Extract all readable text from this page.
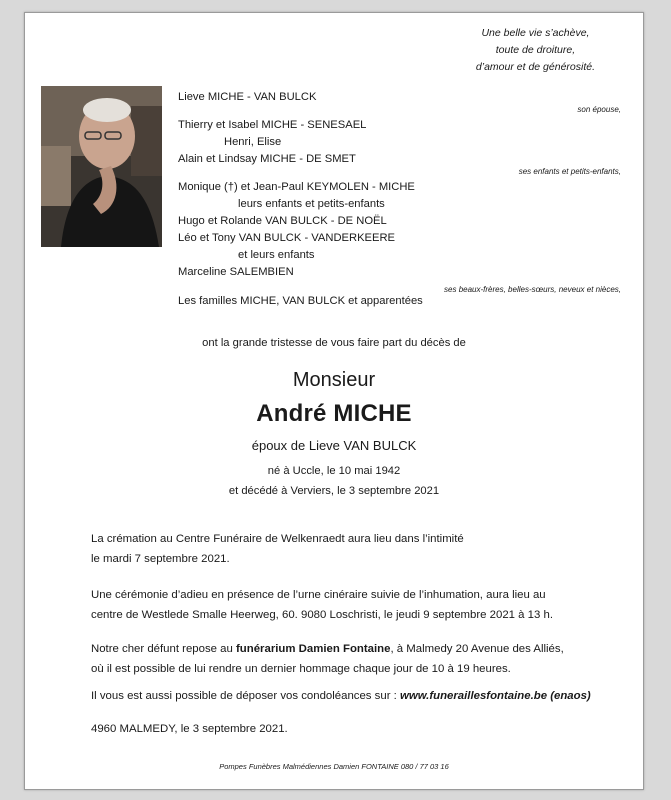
Une belle vie s’achève,
toute de droiture,
d’amour et de générosité.
Lieve MICHE - VAN BULCK
son épouse,
Thierry et Isabel MICHE - SENESAEL
Henri, Elise
Alain et Lindsay MICHE - DE SMET
ses enfants et petits-enfants,
Monique (†) et Jean-Paul KEYMOLEN - MICHE
leurs enfants et petits-enfants
Hugo et Rolande VAN BULCK - DE NOËL
Léo et Tony VAN BULCK - VANDERKEERE
et leurs enfants
Marceline SALEMBIEN
ses beaux-frères, belles-sœurs, neveux et nièces,
Les familles MICHE, VAN BULCK et apparentées
ont la grande tristesse de vous faire part du décès de
Monsieur
André MICHE
époux de Lieve VAN BULCK
né à Uccle, le 10 mai 1942
et décédé à Verviers, le 3 septembre 2021
La crémation au Centre Funéraire de Welkenraedt aura lieu dans l’intimité
le mardi 7 septembre 2021.
Une cérémonie d’adieu en présence de l’urne cinéraire suivie de l’inhumation, aura lieu au
centre de Westlede Smalle Heerweg, 60. 9080 Loschristi, le jeudi 9 septembre 2021 à 13 h.
Notre cher défunt repose au funérarium Damien Fontaine, à Malmedy 20 Avenue des Alliés,
où il est possible de lui rendre un dernier hommage chaque jour de 10 à 19 heures.
Il vous est aussi possible de déposer vos condoléances sur : www.funeraillesfontaine.be (enaos)
4960 MALMEDY, le 3 septembre 2021.
Pompes Funèbres Malmédiennes Damien FONTAINE 080 / 77 03 16
